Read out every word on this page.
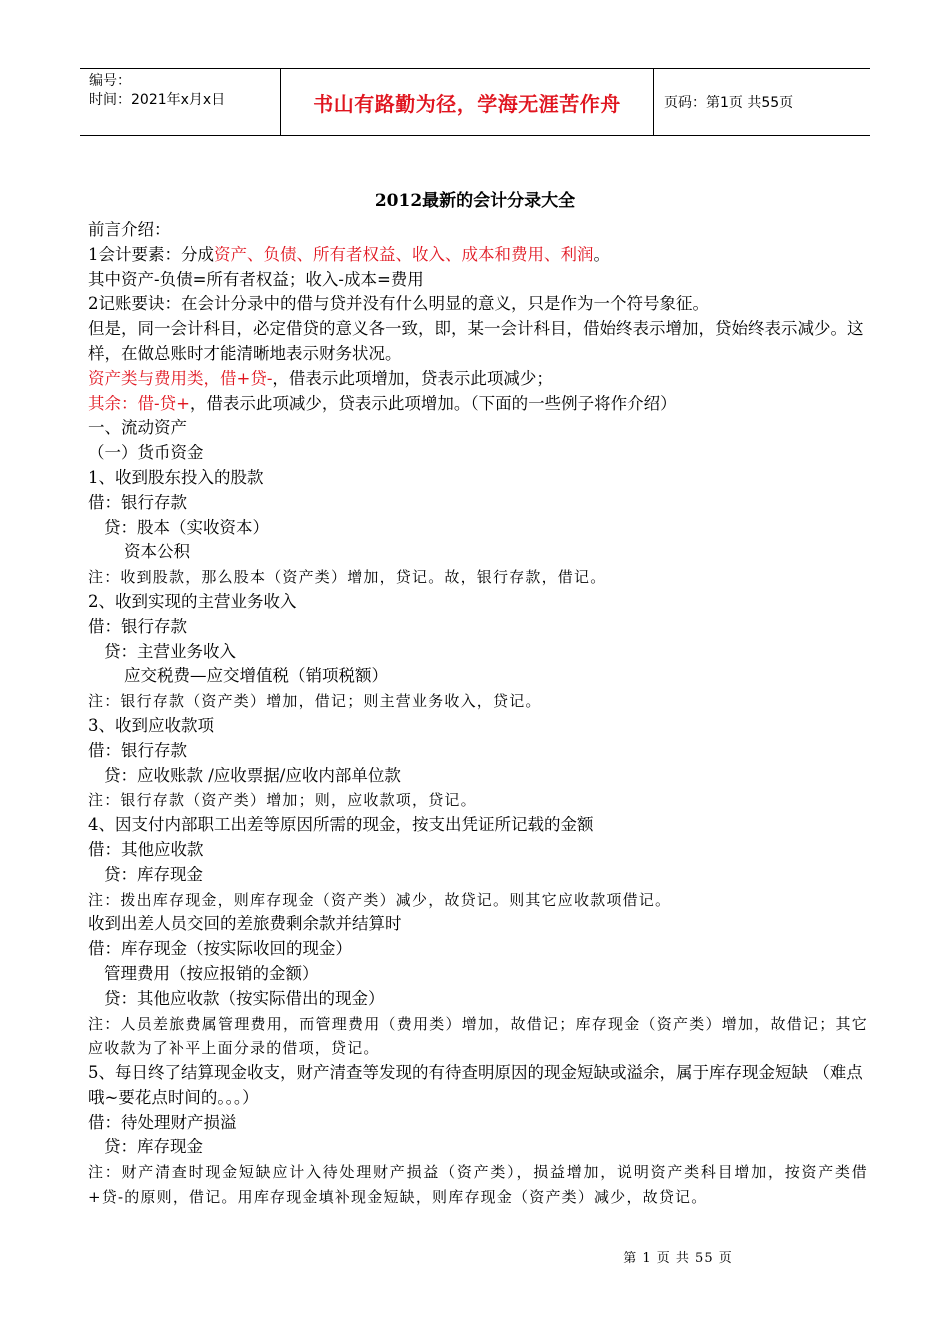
编号：
时间：2021年x月x日	书山有路勤为径，学海无涯苦作舟	页码：第1页 共55页
2012最新的会计分录大全

前言介绍：

1会计要素：分成资产、负债、所有者权益、收入、成本和费用、利润。

其中资产-负债=所有者权益；收入-成本=费用

2记账要诀：在会计分录中的借与贷并没有什么明显的意义，只是作为一个符号象征。

但是，同一会计科目，必定借贷的意义各一致，即，某一会计科目，借始终表示增加，贷始终表示减少。这样，在做总账时才能清晰地表示财务状况。

资产类与费用类，借+贷-，借表示此项增加，贷表示此项减少；

其余：借-贷+，借表示此项减少，贷表示此项增加。（下面的一些例子将作介绍）

一、流动资产

（一）货币资金

1、收到股东投入的股款

借：银行存款

贷：股本（实收资本）

资本公积

注：收到股款，那么股本（资产类）增加，贷记。故，银行存款，借记。

2、收到实现的主营业务收入

借：银行存款

贷：主营业务收入

应交税费—应交增值税（销项税额）

注：银行存款（资产类）增加，借记；则主营业务收入，贷记。

3、收到应收款项

借：银行存款

贷：应收账款 /应收票据/应收内部单位款

注：银行存款（资产类）增加；则，应收款项，贷记。

4、因支付内部职工出差等原因所需的现金，按支出凭证所记载的金额

借：其他应收款

贷：库存现金

注：拨出库存现金，则库存现金（资产类）减少，故贷记。则其它应收款项借记。

收到出差人员交回的差旅费剩余款并结算时

借：库存现金（按实际收回的现金）

管理费用（按应报销的金额）

贷：其他应收款（按实际借出的现金）

注：人员差旅费属管理费用，而管理费用（费用类）增加，故借记；库存现金（资产类）增加，故借记；其它应收款为了补平上面分录的借项，贷记。

5、每日终了结算现金收支，财产清查等发现的有待查明原因的现金短缺或溢余，属于库存现金短缺 （难点哦~要花点时间的。。。）

借：待处理财产损溢

贷：库存现金

注：财产清查时现金短缺应计入待处理财产损益（资产类），损益增加，说明资产类科目增加，按资产类借+贷-的原则，借记。用库存现金填补现金短缺，则库存现金（资产类）减少，故贷记。

第 1 页 共 55 页
